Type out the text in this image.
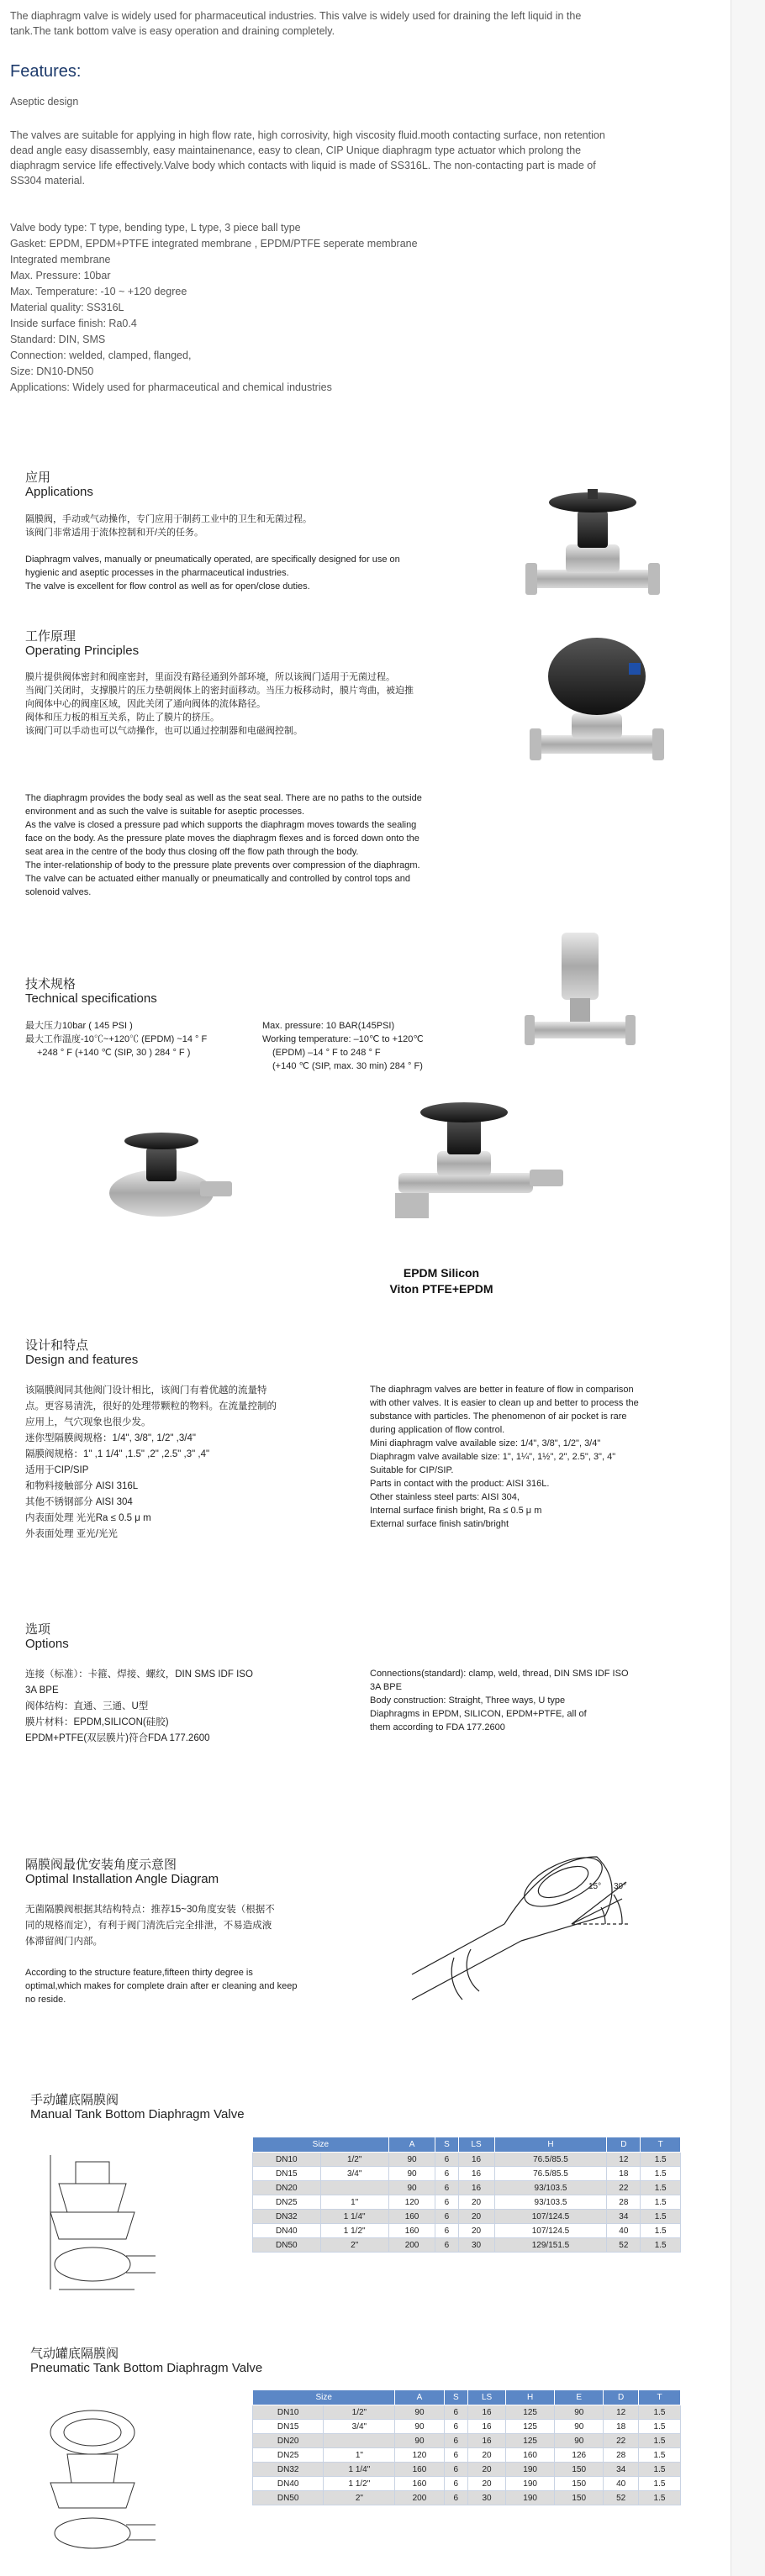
The diaphragm valve is widely used for pharmaceutical industries. This valve is widely used for draining the left liquid in the

tank.The tank bottom valve is easy operation and draining completely.

Features:
Aseptic design

The valves are suitable for applying in high flow rate, high corrosivity, high viscosity fluid.mooth contacting surface, non retention

dead angle easy disassembly, easy maintainenance, easy to clean, CIP Unique diaphragm type actuator which prolong the

diaphragm service life effectively.Valve body which contacts with liquid is made of SS316L. The non-contacting part is made of

SS304 material.

Valve body type: T type, bending type, L type, 3 piece ball type
Gasket: EPDM, EPDM+PTFE integrated membrane , EPDM/PTFE seperate membrane
Integrated membrane
Max. Pressure: 10bar
Max. Temperature: -10 ~ +120 degree
Material quality: SS316L
Inside surface finish: Ra0.4
Standard: DIN, SMS
Connection: welded, clamped, flanged,
Size: DN10-DN50
Applications: Widely used for pharmaceutical and chemical industries
应用
Applications
隔膜阀，手动或气动操作，专门应用于制药工业中的卫生和无菌过程。
该阀门非常适用于流体控制和开/关的任务。
Diaphragm valves, manually or pneumatically operated, are specifically designed for use on
hygienic and aseptic processes in the pharmaceutical industries.
The valve is excellent for flow control as well as for open/close duties.
工作原理
Operating Principles
膜片提供阀体密封和阀座密封，里面没有路径通到外部环境，所以该阀门适用于无菌过程。
当阀门关闭时，支撑膜片的压力垫朝阀体上的密封面移动。当压力板移动时，膜片弯曲，被迫推
向阀体中心的阀座区域，因此关闭了通向阀体的流体路径。
阀体和压力板的相互关系，防止了膜片的挤压。
该阀门可以手动也可以气动操作，也可以通过控制器和电磁阀控制。
The diaphragm provides the body seal as well as the seat seal. There are no paths to the outside
environment and as such the valve is suitable for aseptic processes.
As the valve is closed a pressure pad which supports the diaphragm moves towards the sealing
face on the body. As the pressure plate moves the diaphragm flexes and is forced down onto the
seat area in the centre of the body thus closing off the flow path through the body.
The inter-relationship of body to the pressure plate prevents over compression of the diaphragm.
The valve can be actuated either manually or pneumatically and controlled by control tops and
solenoid valves.
技术规格
Technical specifications
最大压力10bar ( 145 PSI )
最大工作温度-10℃~+120℃ (EPDM) ~14 ° F
+248 ° F (+140 ℃ (SIP, 30 ) 284 ° F )
Max. pressure: 10 BAR(145PSI)
Working temperature: –10℃ to +120℃
(EPDM) –14 ° F to 248 ° F
(+140 ℃ (SIP, max. 30 min) 284 ° F)
EPDM Silicon
Viton PTFE+EPDM
设计和特点
Design and features
该隔膜阀同其他阀门设计相比，该阀门有着优越的流量特
点。更容易清洗，很好的处理带颗粒的物料。在流量控制的
应用上，气穴现象也很少发。
迷你型隔膜阀规格：1/4", 3/8", 1/2" ,3/4"
隔膜阀规格：1" ,1 1/4" ,1.5" ,2" ,2.5" ,3" ,4"
适用于CIP/SIP
和物料接触部分 AISI 316L
其他不锈钢部分 AISI 304
内表面处理 光光Ra ≤ 0.5 μ m
外表面处理 亚光/光光
The diaphragm valves are better in feature of flow in comparison
with other valves. It is easier to clean up and better to process the
substance with particles. The phenomenon of air pocket is rare
during application of flow control.
Mini diaphragm valve available size: 1/4", 3/8", 1/2", 3/4"
Diaphragm valve available size: 1", 1¼", 1½", 2", 2.5", 3", 4"
Suitable for CIP/SIP.
Parts in contact with the product: AISI 316L.
Other stainless steel parts: AISI 304,
Internal surface finish bright, Ra ≤ 0.5 μ m
External surface finish satin/bright
选项
Options
连接（标准）：卡箍、焊接、螺纹，DIN SMS IDF ISO
3A BPE
阀体结构：直通、三通、U型
膜片材料：EPDM,SILICON(硅胶)
EPDM+PTFE(双层膜片)符合FDA 177.2600
Connections(standard): clamp, weld, thread, DIN SMS IDF ISO
3A BPE
Body construction: Straight, Three ways, U type
Diaphragms in EPDM, SILICON, EPDM+PTFE, all of
them according to FDA 177.2600
隔膜阀最优安装角度示意图
Optimal Installation Angle Diagram
无菌隔膜阀根据其结构特点：推荐15~30角度安装（根据不
同的规格而定），有利于阀门清洗后完全排泄，不易造成液
体滞留阀门内部。
According to the structure feature,fifteen thirty degree is
optimal,which makes for complete drain after er cleaning and keep
no reside.
15° 30°
手动罐底隔膜阀
Manual Tank Bottom Diaphragm Valve
Size		A	S	LS	H	D	T
DN10	1/2"	90	6	16	76.5/85.5	12	1.5
DN15	3/4"	90	6	16	76.5/85.5	18	1.5
DN20		90	6	16	93/103.5	22	1.5
DN25	1"	120	6	20	93/103.5	28	1.5
DN32	1 1/4"	160	6	20	107/124.5	34	1.5
DN40	1 1/2"	160	6	20	107/124.5	40	1.5
DN50	2"	200	6	30	129/151.5	52	1.5
气动罐底隔膜阀
Pneumatic Tank Bottom Diaphragm Valve
Size		A	S	LS	H	E	D	T
DN10	1/2"	90	6	16	125	90	12	1.5
DN15	3/4"	90	6	16	125	90	18	1.5
DN20		90	6	16	125	90	22	1.5
DN25	1"	120	6	20	160	126	28	1.5
DN32	1 1/4"	160	6	20	190	150	34	1.5
DN40	1 1/2"	160	6	20	190	150	40	1.5
DN50	2"	200	6	30	190	150	52	1.5
